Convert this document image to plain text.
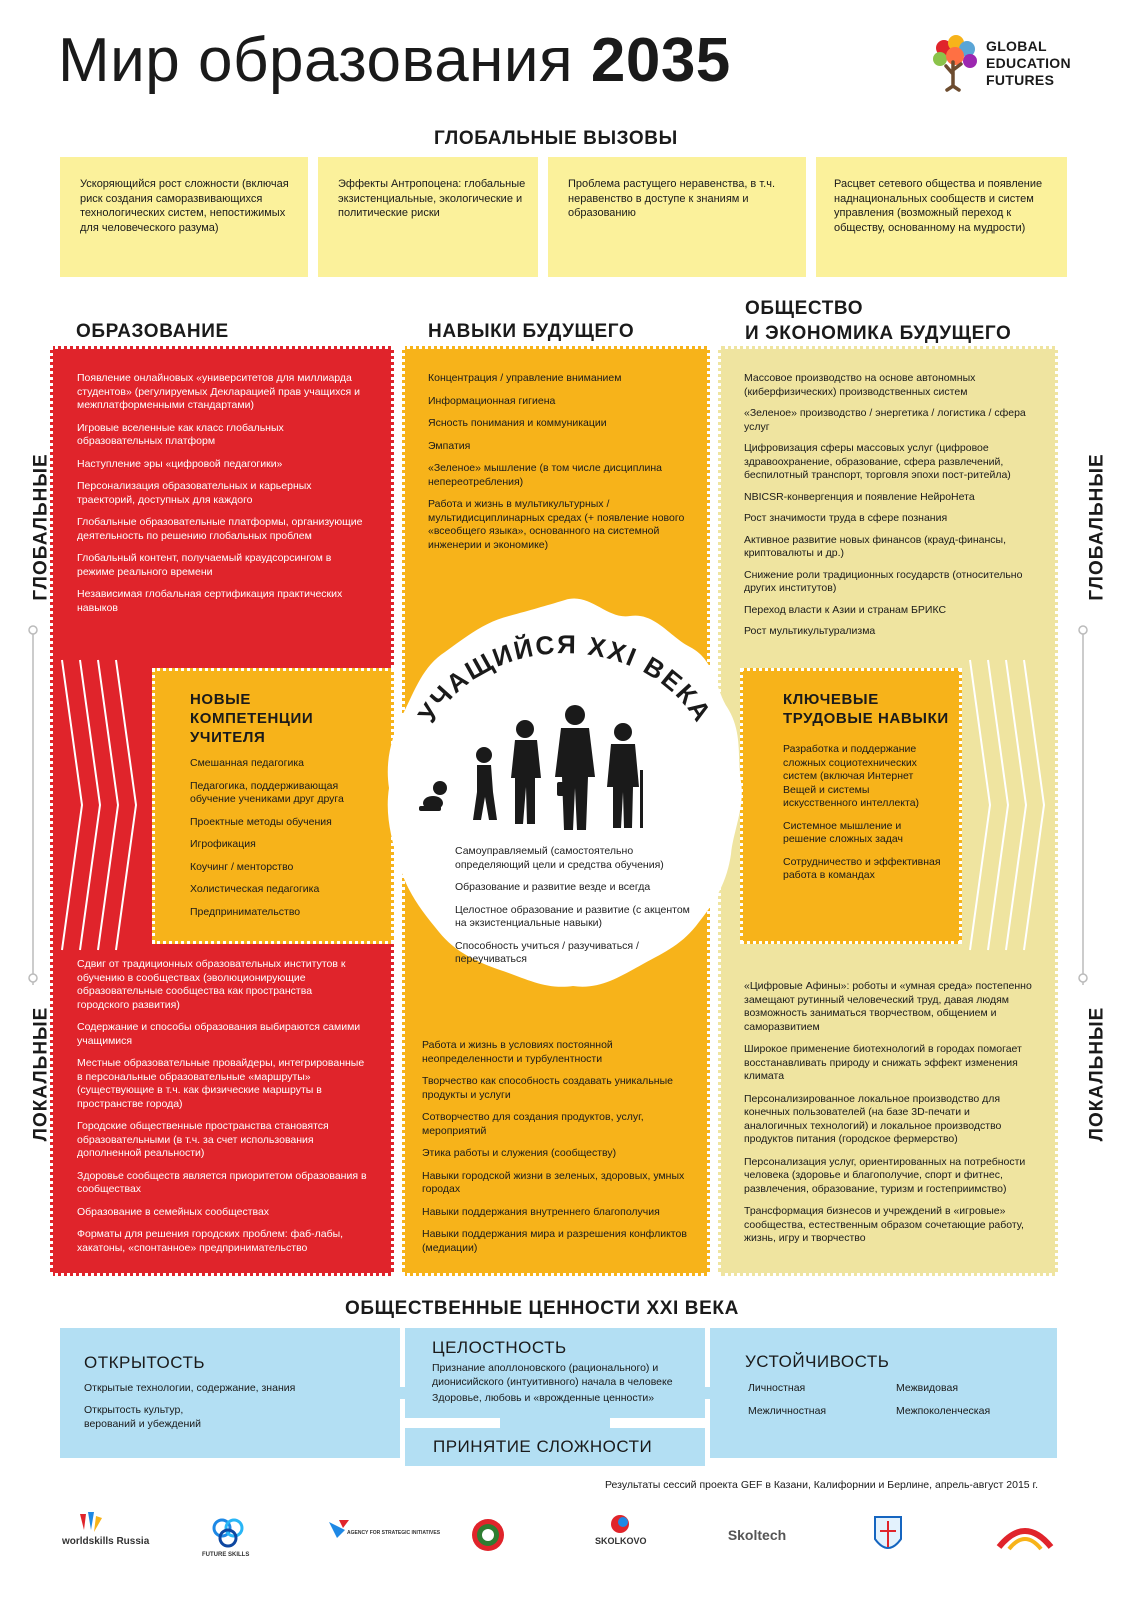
Мир образования 2035	GLOBAL
EDUCATION
FUTURES
ГЛОБАЛЬНЫЕ ВЫЗОВЫ
Ускоряющийся рост сложности (включая риск создания саморазвивающихся технологических систем, непостижимых для человеческого разума)
Эффекты Антропоцена: глобальные экзистенциальные, экологические и политические риски
Проблема растущего неравенства, в т.ч. неравенство в доступе к знаниям и образованию
Расцвет сетевого общества и появление наднациональных сообществ и систем управления (возможный переход к обществу, основанному на мудрости)
ОБРАЗОВАНИЕ	НАВЫКИ БУДУЩЕГО
ОБЩЕСТВО
И ЭКОНОМИКА БУДУЩЕГО
УЧАЩИЙСЯ XXI ВЕКА
Самоуправляемый (самостоятельно определяющий цели и средства обучения)
Образование и развитие везде и всегда
Целостное образование и развитие (с акцентом на экзистенциальные навыки)
Способность учиться / разучиваться / переучиваться
Появление онлайновых «университетов для миллиарда студентов» (регулируемых Декларацией прав учащихся и межплатформенными стандартами)
Игровые вселенные как класс глобальных образовательных платформ
Наступление эры «цифровой педагогики»
Персонализация образовательных и карьерных траекторий, доступных для каждого
Глобальные образовательные платформы, организующие деятельность по решению глобальных проблем
Глобальный контент, получаемый краудсорсингом в режиме реального времени
Независимая глобальная сертификация практических навыков
Концентрация / управление вниманием
Информационная гигиена
Ясность понимания и коммуникации
Эмпатия
«Зеленое» мышление (в том числе дисциплина непереотребления)
Работа и жизнь в мультикультурных / мультидисциплинарных средах (+ появление нового «всеобщего языка», основанного на системной инженерии и экономике)
Массовое производство на основе автономных (киберфизических) производственных систем
«Зеленое» производство / энергетика / логистика / сфера услуг
Цифровизация сферы массовых услуг (цифровое здравоохранение, образование, сфера развлечений, беспилотный транспорт, торговля эпохи пост-ритейла)
NBICSR-конвергенция и появление НейроНета
Рост значимости труда в сфере познания
Активное развитие новых финансов (крауд-финансы, криптовалюты и др.)
Снижение роли традиционных государств (относительно других институтов)
Переход власти к Азии и странам БРИКС
Рост мультикультурализма
НОВЫЕ
КОМПЕТЕНЦИИ
УЧИТЕЛЯ
Смешанная педагогика
Педагогика, поддерживающая обучение учениками друг друга
Проектные методы обучения
Игрофикация
Коучинг / менторство
Холистическая педагогика
Предпринимательство
КЛЮЧЕВЫЕ
ТРУДОВЫЕ НАВЫКИ
Разработка и поддержание сложных социотехнических систем (включая Интернет Вещей и системы искусственного интеллекта)
Системное мышление и решение сложных задач
Сотрудничество и эффективная работа в командах
Сдвиг от традиционных образовательных институтов к обучению в сообществах (эволюционирующие образовательные сообщества как пространства городского развития)
Содержание и способы образования выбираются самими учащимися
Местные образовательные провайдеры, интегрированные в персональные образовательные «маршруты» (существующие в т.ч. как физические маршруты в пространстве города)
Городские общественные пространства становятся образовательными (в т.ч. за счет использования дополненной реальности)
Здоровье сообществ является приоритетом образования в сообществах
Образование в семейных сообществах
Форматы для решения городских проблем: фаб-лабы, хакатоны, «спонтанное» предпринимательство
Работа и жизнь в условиях постоянной неопределенности и турбулентности
Творчество как способность создавать уникальные продукты и услуги
Сотворчество для создания продуктов, услуг, мероприятий
Этика работы и служения (сообществу)
Навыки городской жизни в зеленых, здоровых, умных городах
Навыки поддержания внутреннего благополучия
Навыки поддержания мира и разрешения конфликтов (медиации)
«Цифровые Афины»: роботы и «умная среда» постепенно замещают рутинный человеческий труд, давая людям возможность заниматься творчеством, общением и саморазвитием
Широкое применение биотехнологий в городах помогает восстанавливать природу и снижать эффект изменения климата
Персонализированное локальное производство для конечных пользователей (на базе 3D-печати и аналогичных технологий) и локальное производство продуктов питания (городское фермерство)
Персонализация услуг, ориентированных на потребности человека (здоровье и благополучие, спорт и фитнес, развлечения, образование, туризм и гостеприимство)
Трансформация бизнесов и учреждений в «игровые» сообщества, естественным образом сочетающие работу, жизнь, игру и творчество
ГЛОБАЛЬНЫЕ
ЛОКАЛЬНЫЕ
ГЛОБАЛЬНЫЕ
ЛОКАЛЬНЫЕ
ОБЩЕСТВЕННЫЕ ЦЕННОСТИ XXI ВЕКА
ОТКРЫТОСТЬ
Открытые технологии, содержание, знания
Открытость культур, верований и убеждений
ЦЕЛОСТНОСТЬ
Признание аполлоновского (рационального) и дионисийского (интуитивного) начала в человеке
Здоровье, любовь и «врожденные ценности»
ПРИНЯТИЕ СЛОЖНОСТИ
УСТОЙЧИВОСТЬ
Личностная	Межвидовая
Межличностная	Межпоколенческая
Результаты сессий проекта GEF в Казани, Калифорнии и Берлине, апрель-август 2015 г.
worldskills Russia
FUTURE SKILLS
AGENCY FOR STRATEGIC INITIATIVES
SKOLKOVO	Skoltech
